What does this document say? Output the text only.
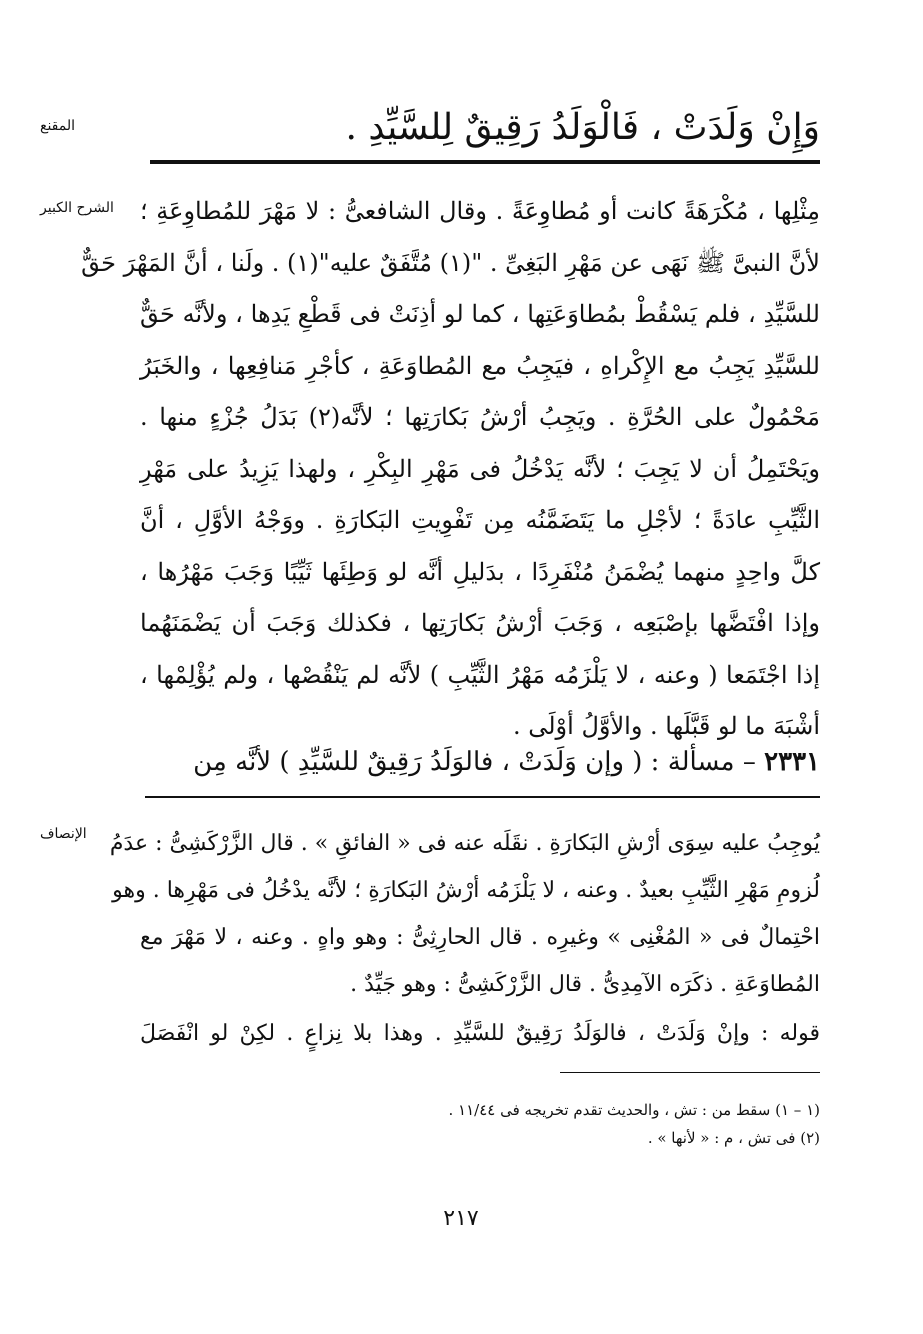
المقنع
الشرح الكبير
الإنصاف
وَإِنْ وَلَدَتْ ، فَالْوَلَدُ رَقِيقٌ لِلسَّيِّدِ .
مِثْلِها ، مُكْرَهَةً كانت أو مُطاوِعَةً . وقال الشافعىُّ : لا مَهْرَ للمُطاوِعَةِ ؛
لأنَّ النبىَّ ﷺ نَهَى عن مَهْرِ البَغِىِّ . "(١) مُتَّفَقٌ عليه"(١) . ولَنا ، أنَّ المَهْرَ حَقٌّ
للسَّيِّدِ ، فلم يَسْقُطْ بمُطاوَعَتِها ، كما لو أذِنَتْ فى قَطْعِ يَدِها ، ولأنَّه حَقٌّ
للسَّيِّدِ يَجِبُ مع الإِكْراهِ ، فيَجِبُ مع المُطاوَعَةِ ، كأجْرِ مَنافِعِها ، والخَبَرُ
مَحْمُولٌ على الحُرَّةِ . ويَجِبُ أرْشُ بَكارَتِها ؛ لأنَّه(٢) بَدَلُ جُزْءٍ منها .
ويَحْتَمِلُ أن لا يَجِبَ ؛ لأنَّه يَدْخُلُ فى مَهْرِ البِكْرِ ، ولهذا يَزِيدُ على مَهْرِ
الثَّيِّبِ عادَةً ؛ لأجْلِ ما يَتَضَمَّنُه مِن تَفْوِيتِ البَكارَةِ . ووَجْهُ الأوَّلِ ، أنَّ
كلَّ واحِدٍ منهما يُضْمَنُ مُنْفَرِدًا ، بدَليلِ أنَّه لو وَطِئَها ثَيِّبًا وَجَبَ مَهْرُها ،
وإذا افْتَضَّها بإصْبَعِه ، وَجَبَ أرْشُ بَكارَتِها ، فكذلك وَجَبَ أن يَضْمَنَهُما
إذا اجْتَمَعا ( وعنه ، لا يَلْزَمُه مَهْرُ الثَّيِّبِ ) لأنَّه لم يَنْقُصْها ، ولم يُؤْلِمْها ،
أشْبَهَ ما لو قَبَّلَها . والأوَّلُ أوْلَى .
٢٣٣١ – مسألة : ( وإن وَلَدَتْ ، فالوَلَدُ رَقِيقٌ للسَّيِّدِ ) لأنَّه مِن
يُوجِبُ عليه سِوَى أرْشِ البَكارَةِ . نقَلَه عنه فى « الفائقِ » . قال الزَّرْكَشِىُّ : عدَمُ
لُزومِ مَهْرِ الثَّيِّبِ بعيدٌ . وعنه ، لا يَلْزَمُه أرْشُ البَكارَةِ ؛ لأنَّه يدْخُلُ فى مَهْرِها . وهو
احْتِمالٌ فى « المُغْنِى » وغيرِه . قال الحارِثِىُّ : وهو واهٍ . وعنه ، لا مَهْرَ مع
المُطاوَعَةِ . ذكَرَه الآمِدِىُّ . قال الزَّرْكَشِىُّ : وهو جَيِّدٌ .
قوله : وإنْ وَلَدَتْ ، فالوَلَدُ رَقِيقٌ للسَّيِّدِ . وهذا بلا نِزاعٍ . لكِنْ لو انْفَصَلَ
(١ – ١) سقط من : تش ، والحديث تقدم تخريجه فى ١١/٤٤ .
(٢) فى تش ، م : « لأنها » .
٢١٧
